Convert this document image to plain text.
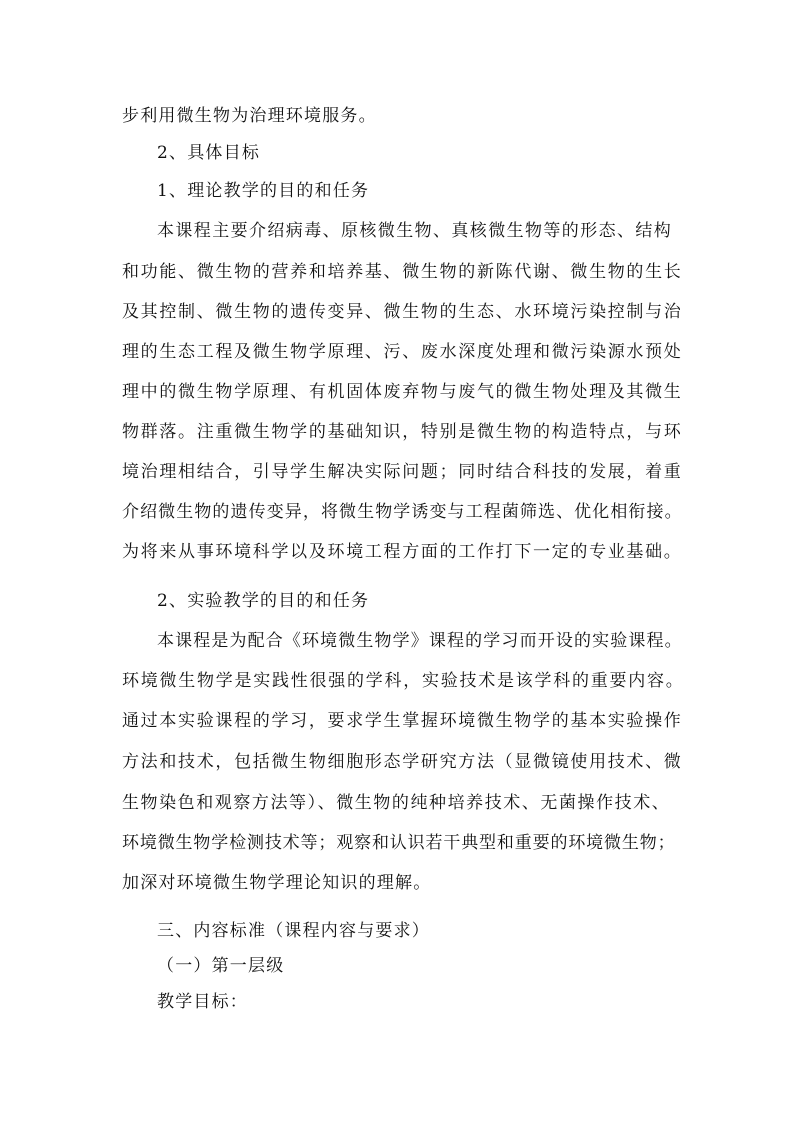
步利用微生物为治理环境服务。
2、具体目标
1、理论教学的目的和任务
本课程主要介绍病毒、原核微生物、真核微生物等的形态、结构
和功能、微生物的营养和培养基、微生物的新陈代谢、微生物的生长
及其控制、微生物的遗传变异、微生物的生态、水环境污染控制与治
理的生态工程及微生物学原理、污、废水深度处理和微污染源水预处
理中的微生物学原理、有机固体废弃物与废气的微生物处理及其微生
物群落。注重微生物学的基础知识，特别是微生物的构造特点，与环
境治理相结合，引导学生解决实际问题；同时结合科技的发展，着重
介绍微生物的遗传变异，将微生物学诱变与工程菌筛选、优化相衔接。
为将来从事环境科学以及环境工程方面的工作打下一定的专业基础。
2、实验教学的目的和任务
本课程是为配合《环境微生物学》课程的学习而开设的实验课程。
环境微生物学是实践性很强的学科，实验技术是该学科的重要内容。
通过本实验课程的学习，要求学生掌握环境微生物学的基本实验操作
方法和技术，包括微生物细胞形态学研究方法（显微镜使用技术、微
生物染色和观察方法等）、微生物的纯种培养技术、无菌操作技术、
环境微生物学检测技术等；观察和认识若干典型和重要的环境微生物；
加深对环境微生物学理论知识的理解。
三、内容标准（课程内容与要求）
（一）第一层级
教学目标：
